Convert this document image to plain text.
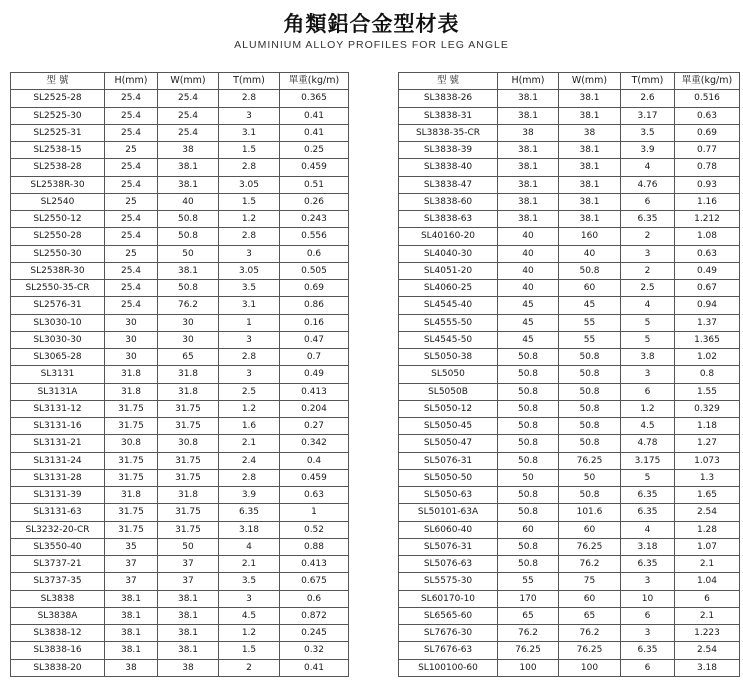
角類鋁合金型材表
ALUMINIUM ALLOY PROFILES FOR LEG ANGLE
型 號	H(mm)	W(mm)	T(mm)	單重(kg/m)
SL2525-28	25.4	25.4	2.8	0.365
SL2525-30	25.4	25.4	3	0.41
SL2525-31	25.4	25.4	3.1	0.41
SL2538-15	25	38	1.5	0.25
SL2538-28	25.4	38.1	2.8	0.459
SL2538R-30	25.4	38.1	3.05	0.51
SL2540	25	40	1.5	0.26
SL2550-12	25.4	50.8	1.2	0.243
SL2550-28	25.4	50.8	2.8	0.556
SL2550-30	25	50	3	0.6
SL2538R-30	25.4	38.1	3.05	0.505
SL2550-35-CR	25.4	50.8	3.5	0.69
SL2576-31	25.4	76.2	3.1	0.86
SL3030-10	30	30	1	0.16
SL3030-30	30	30	3	0.47
SL3065-28	30	65	2.8	0.7
SL3131	31.8	31.8	3	0.49
SL3131A	31.8	31.8	2.5	0.413
SL3131-12	31.75	31.75	1.2	0.204
SL3131-16	31.75	31.75	1.6	0.27
SL3131-21	30.8	30.8	2.1	0.342
SL3131-24	31.75	31.75	2.4	0.4
SL3131-28	31.75	31.75	2.8	0.459
SL3131-39	31.8	31.8	3.9	0.63
SL3131-63	31.75	31.75	6.35	1
SL3232-20-CR	31.75	31.75	3.18	0.52
SL3550-40	35	50	4	0.88
SL3737-21	37	37	2.1	0.413
SL3737-35	37	37	3.5	0.675
SL3838	38.1	38.1	3	0.6
SL3838A	38.1	38.1	4.5	0.872
SL3838-12	38.1	38.1	1.2	0.245
SL3838-16	38.1	38.1	1.5	0.32
SL3838-20	38	38	2	0.41
型 號	H(mm)	W(mm)	T(mm)	單重(kg/m)
SL3838-26	38.1	38.1	2.6	0.516
SL3838-31	38.1	38.1	3.17	0.63
SL3838-35-CR	38	38	3.5	0.69
SL3838-39	38.1	38.1	3.9	0.77
SL3838-40	38.1	38.1	4	0.78
SL3838-47	38.1	38.1	4.76	0.93
SL3838-60	38.1	38.1	6	1.16
SL3838-63	38.1	38.1	6.35	1.212
SL40160-20	40	160	2	1.08
SL4040-30	40	40	3	0.63
SL4051-20	40	50.8	2	0.49
SL4060-25	40	60	2.5	0.67
SL4545-40	45	45	4	0.94
SL4555-50	45	55	5	1.37
SL4545-50	45	55	5	1.365
SL5050-38	50.8	50.8	3.8	1.02
SL5050	50.8	50.8	3	0.8
SL5050B	50.8	50.8	6	1.55
SL5050-12	50.8	50.8	1.2	0.329
SL5050-45	50.8	50.8	4.5	1.18
SL5050-47	50.8	50.8	4.78	1.27
SL5076-31	50.8	76.25	3.175	1.073
SL5050-50	50	50	5	1.3
SL5050-63	50.8	50.8	6.35	1.65
SL50101-63A	50.8	101.6	6.35	2.54
SL6060-40	60	60	4	1.28
SL5076-31	50.8	76.25	3.18	1.07
SL5076-63	50.8	76.2	6.35	2.1
SL5575-30	55	75	3	1.04
SL60170-10	170	60	10	6
SL6565-60	65	65	6	2.1
SL7676-30	76.2	76.2	3	1.223
SL7676-63	76.25	76.25	6.35	2.54
SL100100-60	100	100	6	3.18
